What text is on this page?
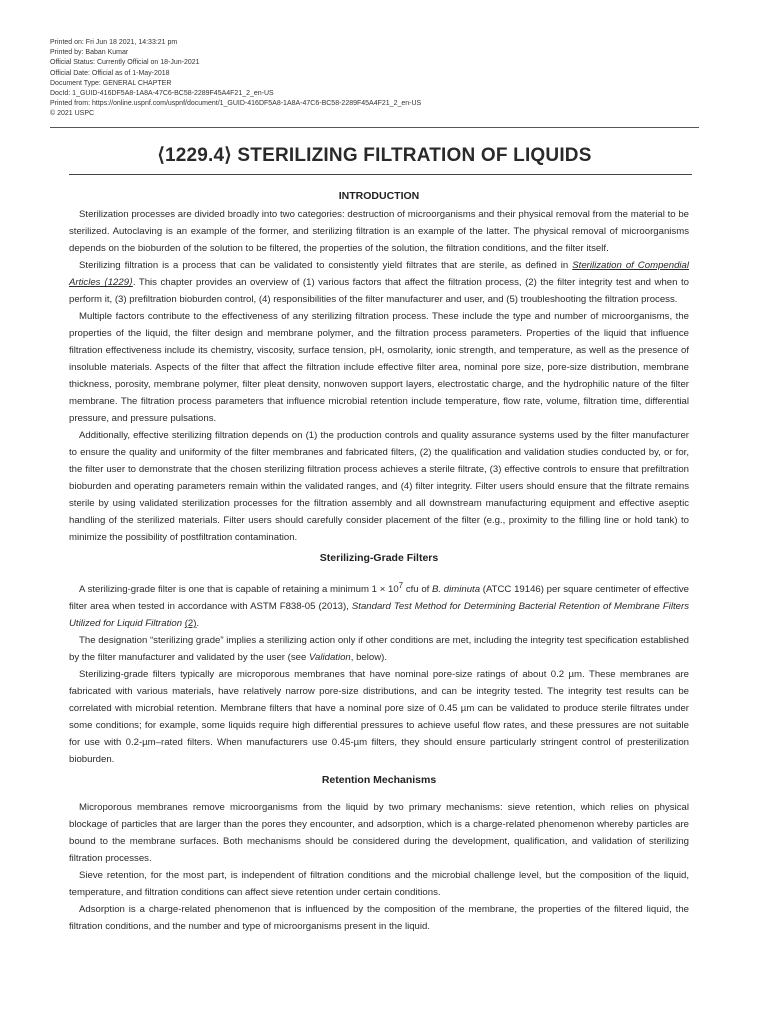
Printed on: Fri Jun 18 2021, 14:33:21 pm
Printed by: Baban Kumar
Official Status: Currently Official on 18-Jun-2021
Official Date: Official as of 1-May-2018
Document Type: GENERAL CHAPTER
DocId: 1_GUID-416DF5A8-1A8A-47C6-BC58-2289F45A4F21_2_en-US
Printed from: https://online.uspnf.com/uspnf/document/1_GUID-416DF5A8-1A8A-47C6-BC58-2289F45A4F21_2_en-US
© 2021 USPC
⟨1229.4⟩ STERILIZING FILTRATION OF LIQUIDS
INTRODUCTION

Sterilization processes are divided broadly into two categories: destruction of microorganisms and their physical removal from the material to be sterilized. Autoclaving is an example of the former, and sterilizing filtration is an example of the latter. The physical removal of microorganisms depends on the bioburden of the solution to be filtered, the properties of the solution, the filtration conditions, and the filter itself.

Sterilizing filtration is a process that can be validated to consistently yield filtrates that are sterile, as defined in Sterilization of Compendial Articles ⟨1229⟩. This chapter provides an overview of (1) various factors that affect the filtration process, (2) the filter integrity test and when to perform it, (3) prefiltration bioburden control, (4) responsibilities of the filter manufacturer and user, and (5) troubleshooting the filtration process.

Multiple factors contribute to the effectiveness of any sterilizing filtration process. These include the type and number of microorganisms, the properties of the liquid, the filter design and membrane polymer, and the filtration process parameters. Properties of the liquid that influence filtration effectiveness include its chemistry, viscosity, surface tension, pH, osmolarity, ionic strength, and temperature, as well as the presence of insoluble materials. Aspects of the filter that affect the filtration include effective filter area, nominal pore size, pore-size distribution, membrane thickness, porosity, membrane polymer, filter pleat density, nonwoven support layers, electrostatic charge, and the hydrophilic nature of the filter membrane. The filtration process parameters that influence microbial retention include temperature, flow rate, volume, filtration time, differential pressure, and pressure pulsations.

Additionally, effective sterilizing filtration depends on (1) the production controls and quality assurance systems used by the filter manufacturer to ensure the quality and uniformity of the filter membranes and fabricated filters, (2) the qualification and validation studies conducted by, or for, the filter user to demonstrate that the chosen sterilizing filtration process achieves a sterile filtrate, (3) effective controls to ensure that prefiltration bioburden and operating parameters remain within the validated ranges, and (4) filter integrity. Filter users should ensure that the filtrate remains sterile by using validated sterilization processes for the filtration assembly and all downstream manufacturing equipment and effective aseptic handling of the sterilized materials. Filter users should carefully consider placement of the filter (e.g., proximity to the filling line or hold tank) to minimize the possibility of postfiltration contamination.

Sterilizing-Grade Filters

A sterilizing-grade filter is one that is capable of retaining a minimum $1 \times 10^7$ cfu of B. diminuta (ATCC 19146) per square centimeter of effective filter area when tested in accordance with ASTM F838-05 (2013), Standard Test Method for Determining Bacterial Retention of Membrane Filters Utilized for Liquid Filtration (2).

The designation “sterilizing grade” implies a sterilizing action only if other conditions are met, including the integrity test specification established by the filter manufacturer and validated by the user (see Validation, below).

Sterilizing-grade filters typically are microporous membranes that have nominal pore-size ratings of about 0.2 µm. These membranes are fabricated with various materials, have relatively narrow pore-size distributions, and can be integrity tested. The integrity test results can be correlated with microbial retention. Membrane filters that have a nominal pore size of 0.45 µm can be validated to produce sterile filtrates under some conditions; for example, some liquids require high differential pressures to achieve useful flow rates, and these pressures are not suitable for use with 0.2-µm–rated filters. When manufacturers use 0.45-µm filters, they should ensure particularly stringent control of presterilization bioburden.

Retention Mechanisms

Microporous membranes remove microorganisms from the liquid by two primary mechanisms: sieve retention, which relies on physical blockage of particles that are larger than the pores they encounter, and adsorption, which is a charge-related phenomenon whereby particles are bound to the membrane surfaces. Both mechanisms should be considered during the development, qualification, and validation of sterilizing filtration processes.

Sieve retention, for the most part, is independent of filtration conditions and the microbial challenge level, but the composition of the liquid, temperature, and filtration conditions can affect sieve retention under certain conditions.

Adsorption is a charge-related phenomenon that is influenced by the composition of the membrane, the properties of the filtered liquid, the filtration conditions, and the number and type of microorganisms present in the liquid.
